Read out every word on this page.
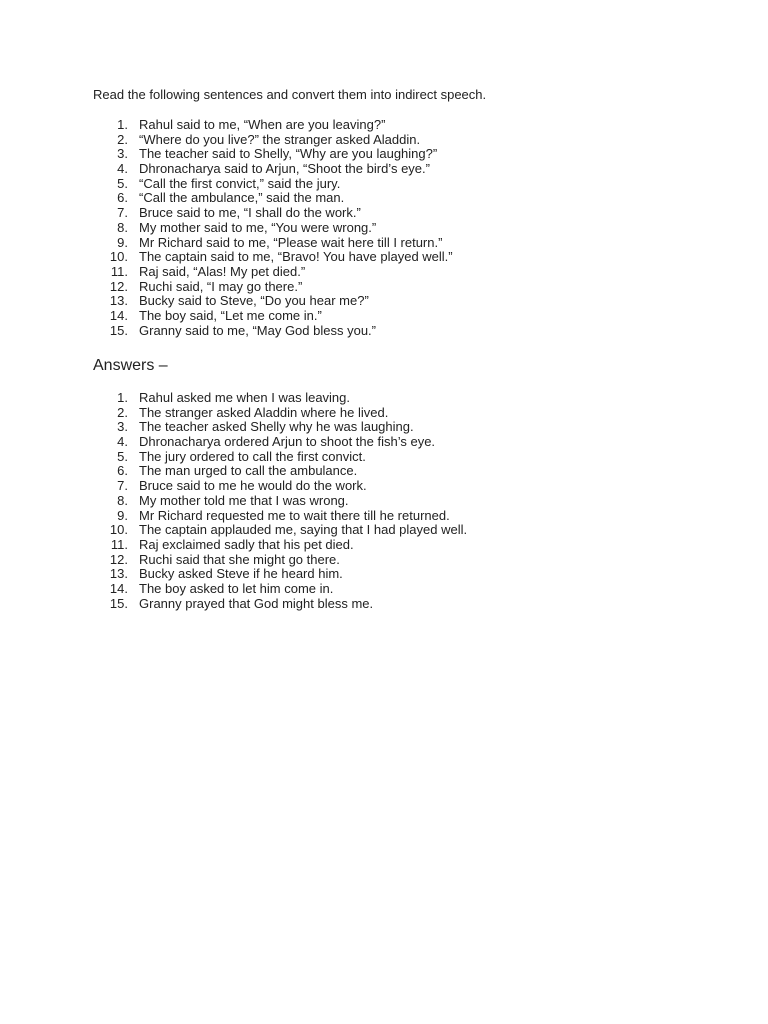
Read the following sentences and convert them into indirect speech.

1. Rahul said to me, “When are you leaving?”
2. “Where do you live?” the stranger asked Aladdin.
3. The teacher said to Shelly, “Why are you laughing?”
4. Dhronacharya said to Arjun, “Shoot the bird’s eye.”
5. “Call the first convict,” said the jury.
6. “Call the ambulance,” said the man.
7. Bruce said to me, “I shall do the work.”
8. My mother said to me, “You were wrong.”
9. Mr Richard said to me, “Please wait here till I return.”
10. The captain said to me, “Bravo! You have played well.”
11. Raj said, “Alas! My pet died.”
12. Ruchi said, “I may go there.”
13. Bucky said to Steve, “Do you hear me?”
14. The boy said, “Let me come in.”
15. Granny said to me, “May God bless you.”
Answers –
1. Rahul asked me when I was leaving.
2. The stranger asked Aladdin where he lived.
3. The teacher asked Shelly why he was laughing.
4. Dhronacharya ordered Arjun to shoot the fish’s eye.
5. The jury ordered to call the first convict.
6. The man urged to call the ambulance.
7. Bruce said to me he would do the work.
8. My mother told me that I was wrong.
9. Mr Richard requested me to wait there till he returned.
10. The captain applauded me, saying that I had played well.
11. Raj exclaimed sadly that his pet died.
12. Ruchi said that she might go there.
13. Bucky asked Steve if he heard him.
14. The boy asked to let him come in.
15. Granny prayed that God might bless me.
